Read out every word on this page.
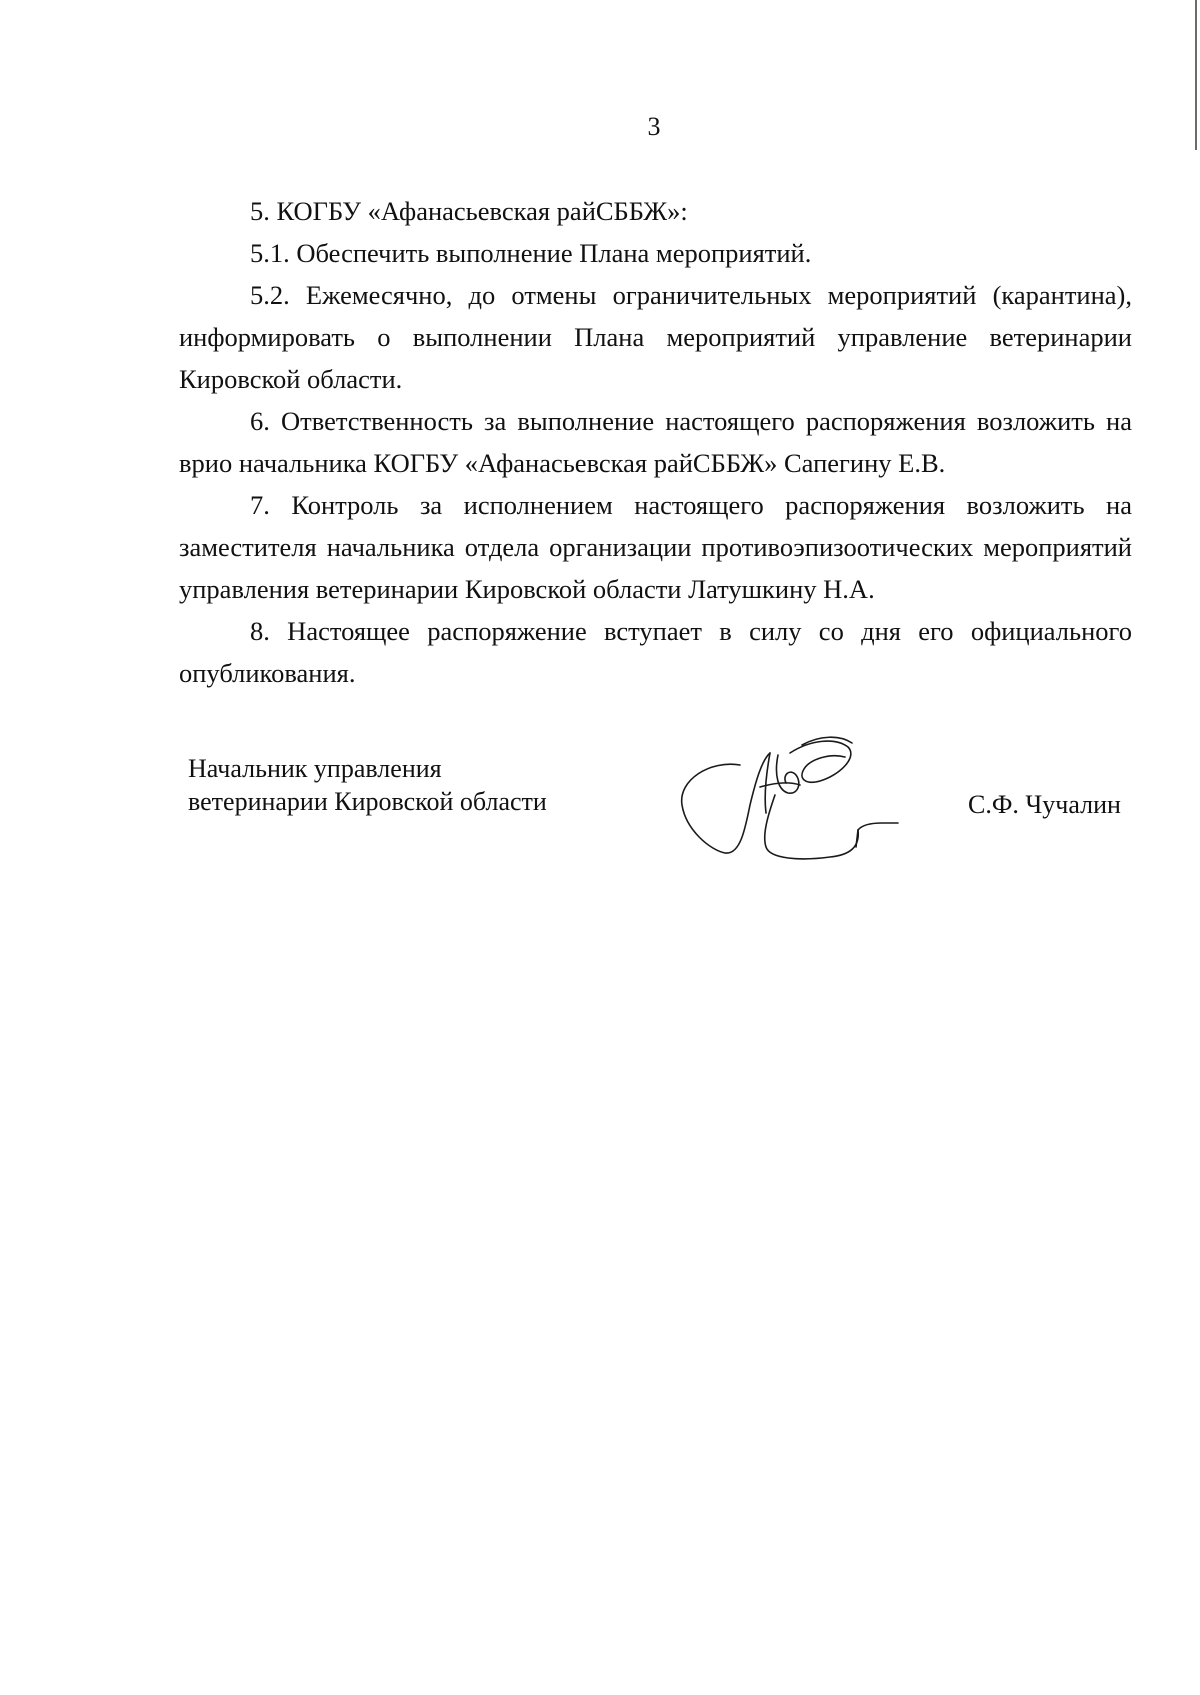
3

5. КОГБУ «Афанасьевская райСББЖ»:

5.1. Обеспечить выполнение Плана мероприятий.

5.2. Ежемесячно, до отмены ограничительных мероприятий (карантина), информировать о выполнении Плана мероприятий управление ветеринарии Кировской области.

6. Ответственность за выполнение настоящего распоряжения возложить на врио начальника КОГБУ «Афанасьевская райСББЖ» Сапегину Е.В.

7. Контроль за исполнением настоящего распоряжения возложить на заместителя начальника отдела организации противоэпизоотических мероприятий управления ветеринарии Кировской области Латушкину Н.А.

8. Настоящее распоряжение вступает в силу со дня его официального опубликования.

Начальник управления
ветеринарии Кировской области	С.Ф. Чучалин
